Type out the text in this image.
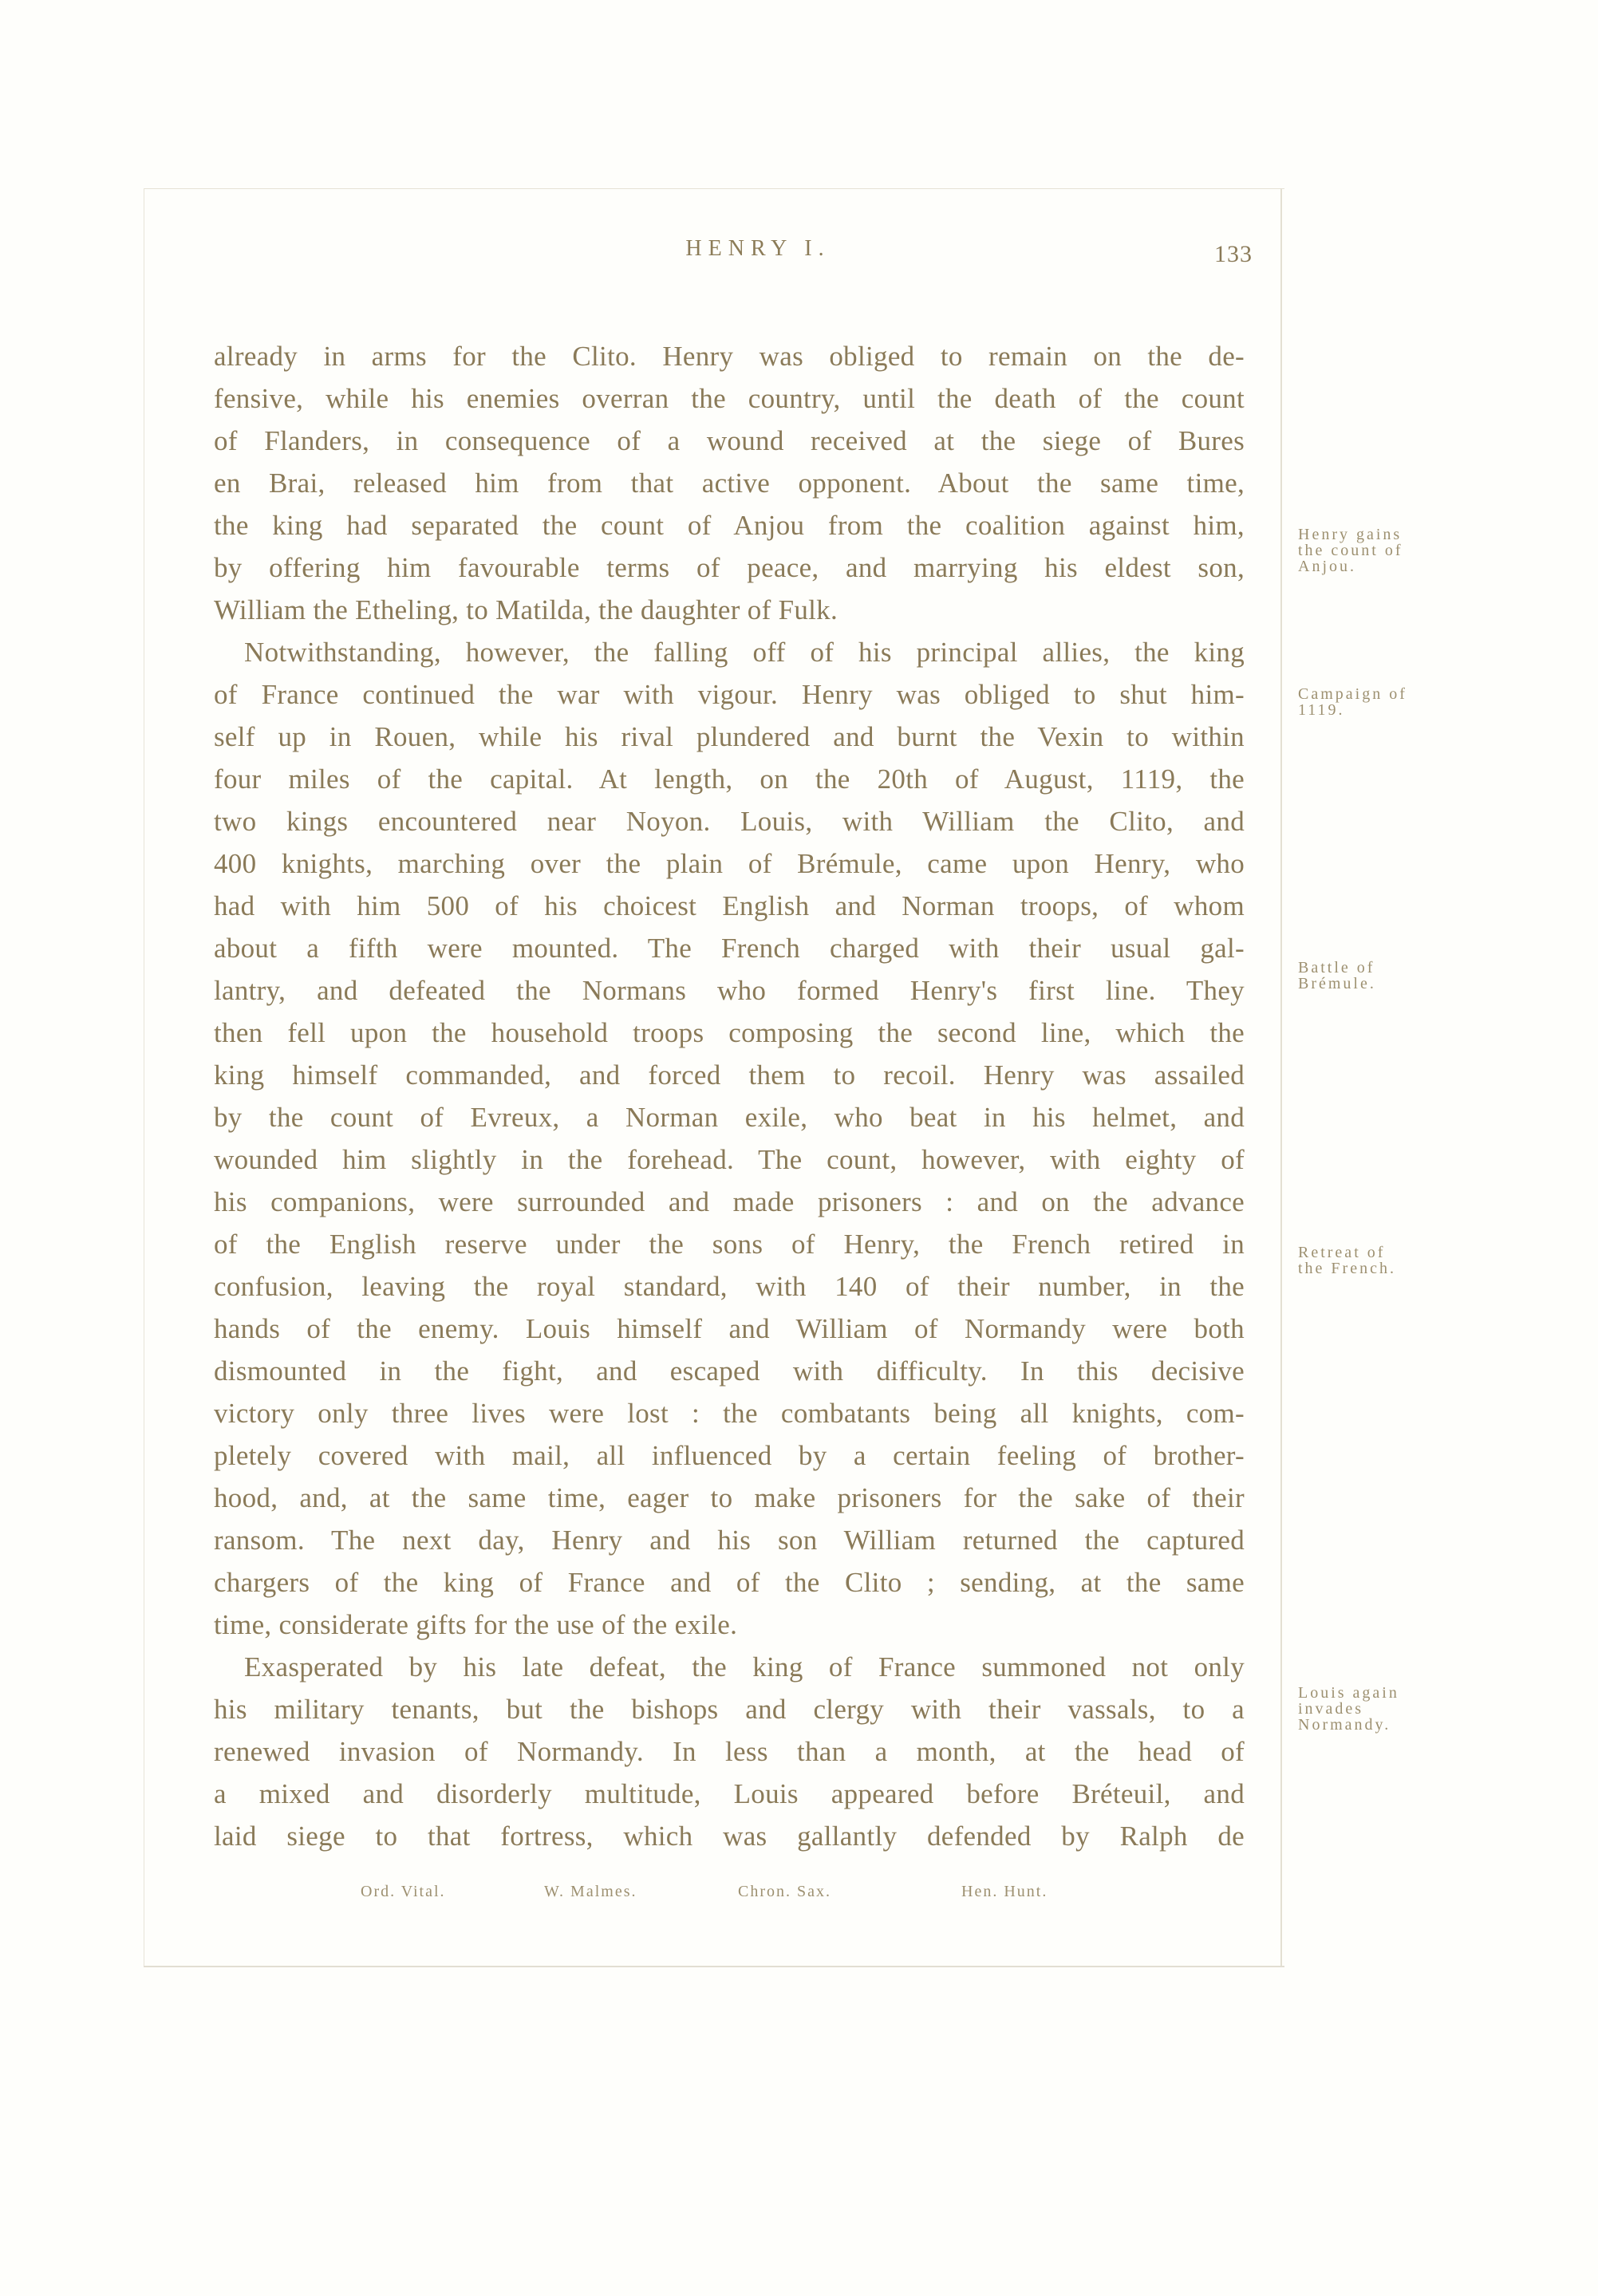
HENRY I.	133
already in arms for the Clito. Henry was obliged to remain on the de-
fensive, while his enemies overran the country, until the death of the count
of Flanders, in consequence of a wound received at the siege of Bures
en Brai, released him from that active opponent. About the same time,
the king had separated the count of Anjou from the coalition against him,
by offering him favourable terms of peace, and marrying his eldest son,
William the Etheling, to Matilda, the daughter of Fulk.
Notwithstanding, however, the falling off of his principal allies, the king
of France continued the war with vigour. Henry was obliged to shut him-
self up in Rouen, while his rival plundered and burnt the Vexin to within
four miles of the capital. At length, on the 20th of August, 1119, the
two kings encountered near Noyon. Louis, with William the Clito, and
400 knights, marching over the plain of Brémule, came upon Henry, who
had with him 500 of his choicest English and Norman troops, of whom
about a fifth were mounted. The French charged with their usual gal-
lantry, and defeated the Normans who formed Henry's first line. They
then fell upon the household troops composing the second line, which the
king himself commanded, and forced them to recoil. Henry was assailed
by the count of Evreux, a Norman exile, who beat in his helmet, and
wounded him slightly in the forehead. The count, however, with eighty of
his companions, were surrounded and made prisoners : and on the advance
of the English reserve under the sons of Henry, the French retired in
confusion, leaving the royal standard, with 140 of their number, in the
hands of the enemy. Louis himself and William of Normandy were both
dismounted in the fight, and escaped with difficulty. In this decisive
victory only three lives were lost : the combatants being all knights, com-
pletely covered with mail, all influenced by a certain feeling of brother-
hood, and, at the same time, eager to make prisoners for the sake of their
ransom. The next day, Henry and his son William returned the captured
chargers of the king of France and of the Clito ; sending, at the same
time, considerate gifts for the use of the exile.
Exasperated by his late defeat, the king of France summoned not only
his military tenants, but the bishops and clergy with their vassals, to a
renewed invasion of Normandy. In less than a month, at the head of
a mixed and disorderly multitude, Louis appeared before Bréteuil, and
laid siege to that fortress, which was gallantly defended by Ralph de
Henry gains
the count of
Anjou.
Campaign of
1119.
Battle of
Brémule.
Retreat of
the French.
Louis again
invades
Normandy.
Ord. Vital.	W. Malmes.	Chron. Sax.	Hen. Hunt.
